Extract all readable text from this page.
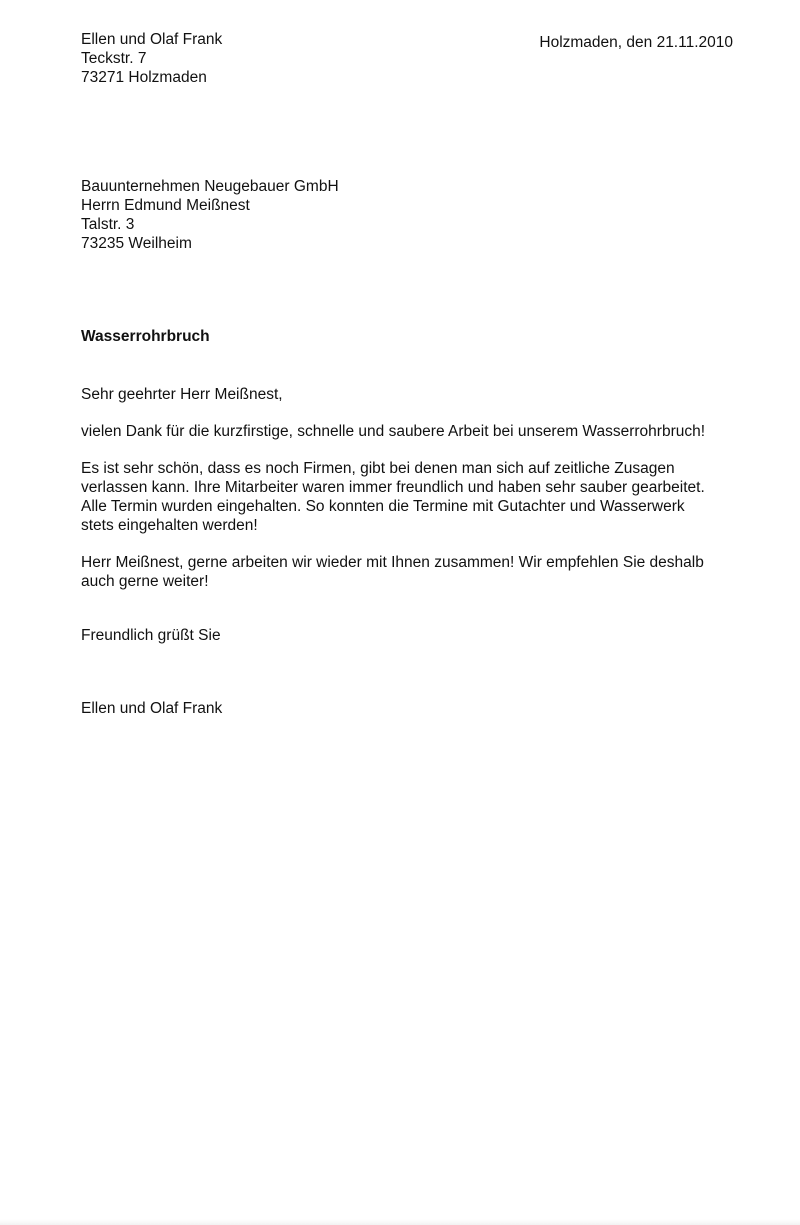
Ellen und Olaf Frank
Teckstr. 7
73271 Holzmaden
Holzmaden, den 21.11.2010
Bauunternehmen Neugebauer GmbH
Herrn Edmund Meißnest
Talstr. 3
73235 Weilheim
Wasserrohrbruch
Sehr geehrter Herr Meißnest,
vielen Dank für die kurzfirstige, schnelle und saubere Arbeit bei unserem Wasserrohrbruch!
Es ist sehr schön, dass es noch Firmen, gibt bei denen man sich auf zeitliche Zusagen
verlassen kann. Ihre Mitarbeiter waren immer freundlich und haben sehr sauber gearbeitet.
Alle Termin wurden eingehalten. So konnten die Termine mit Gutachter und Wasserwerk
stets eingehalten werden!
Herr Meißnest, gerne arbeiten wir wieder mit Ihnen zusammen! Wir empfehlen Sie deshalb
auch gerne weiter!
Freundlich grüßt Sie
Ellen und Olaf Frank
